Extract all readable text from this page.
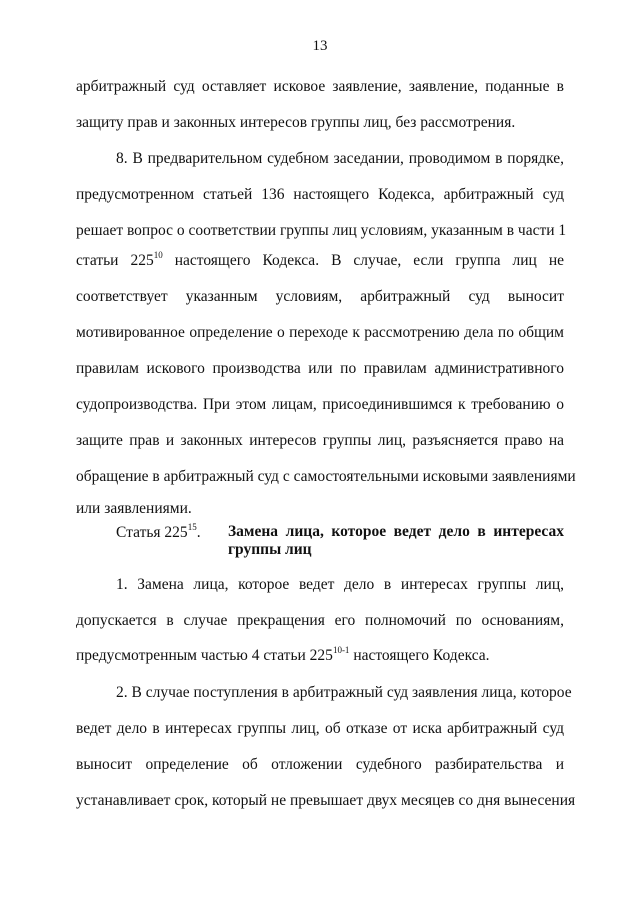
13
арбитражный суд оставляет исковое заявление, заявление, поданные в
защиту прав и законных интересов группы лиц, без рассмотрения.
8. В предварительном судебном заседании, проводимом в порядке,
предусмотренном статьей 136 настоящего Кодекса, арбитражный суд
решает вопрос о соответствии группы лиц условиям, указанным в части 1
статьи $225^{10}$ настоящего Кодекса. В случае, если группа лиц не
соответствует указанным условиям, арбитражный суд выносит
мотивированное определение о переходе к рассмотрению дела по общим
правилам искового производства или по правилам административного
судопроизводства. При этом лицам, присоединившимся к требованию о
защите прав и законных интересов группы лиц, разъясняется право на
обращение в арбитражный суд с самостоятельными исковыми заявлениями
или заявлениями.
Статья $225^{15}$. Замена лица, которое ведет дело в интересах
группы лиц
1. Замена лица, которое ведет дело в интересах группы лиц,
допускается в случае прекращения его полномочий по основаниям,
предусмотренным частью 4 статьи 225$^{10-1}$ настоящего Кодекса.
2. В случае поступления в арбитражный суд заявления лица, которое
ведет дело в интересах группы лиц, об отказе от иска арбитражный суд
выносит определение об отложении судебного разбирательства и
устанавливает срок, который не превышает двух месяцев со дня вынесения
